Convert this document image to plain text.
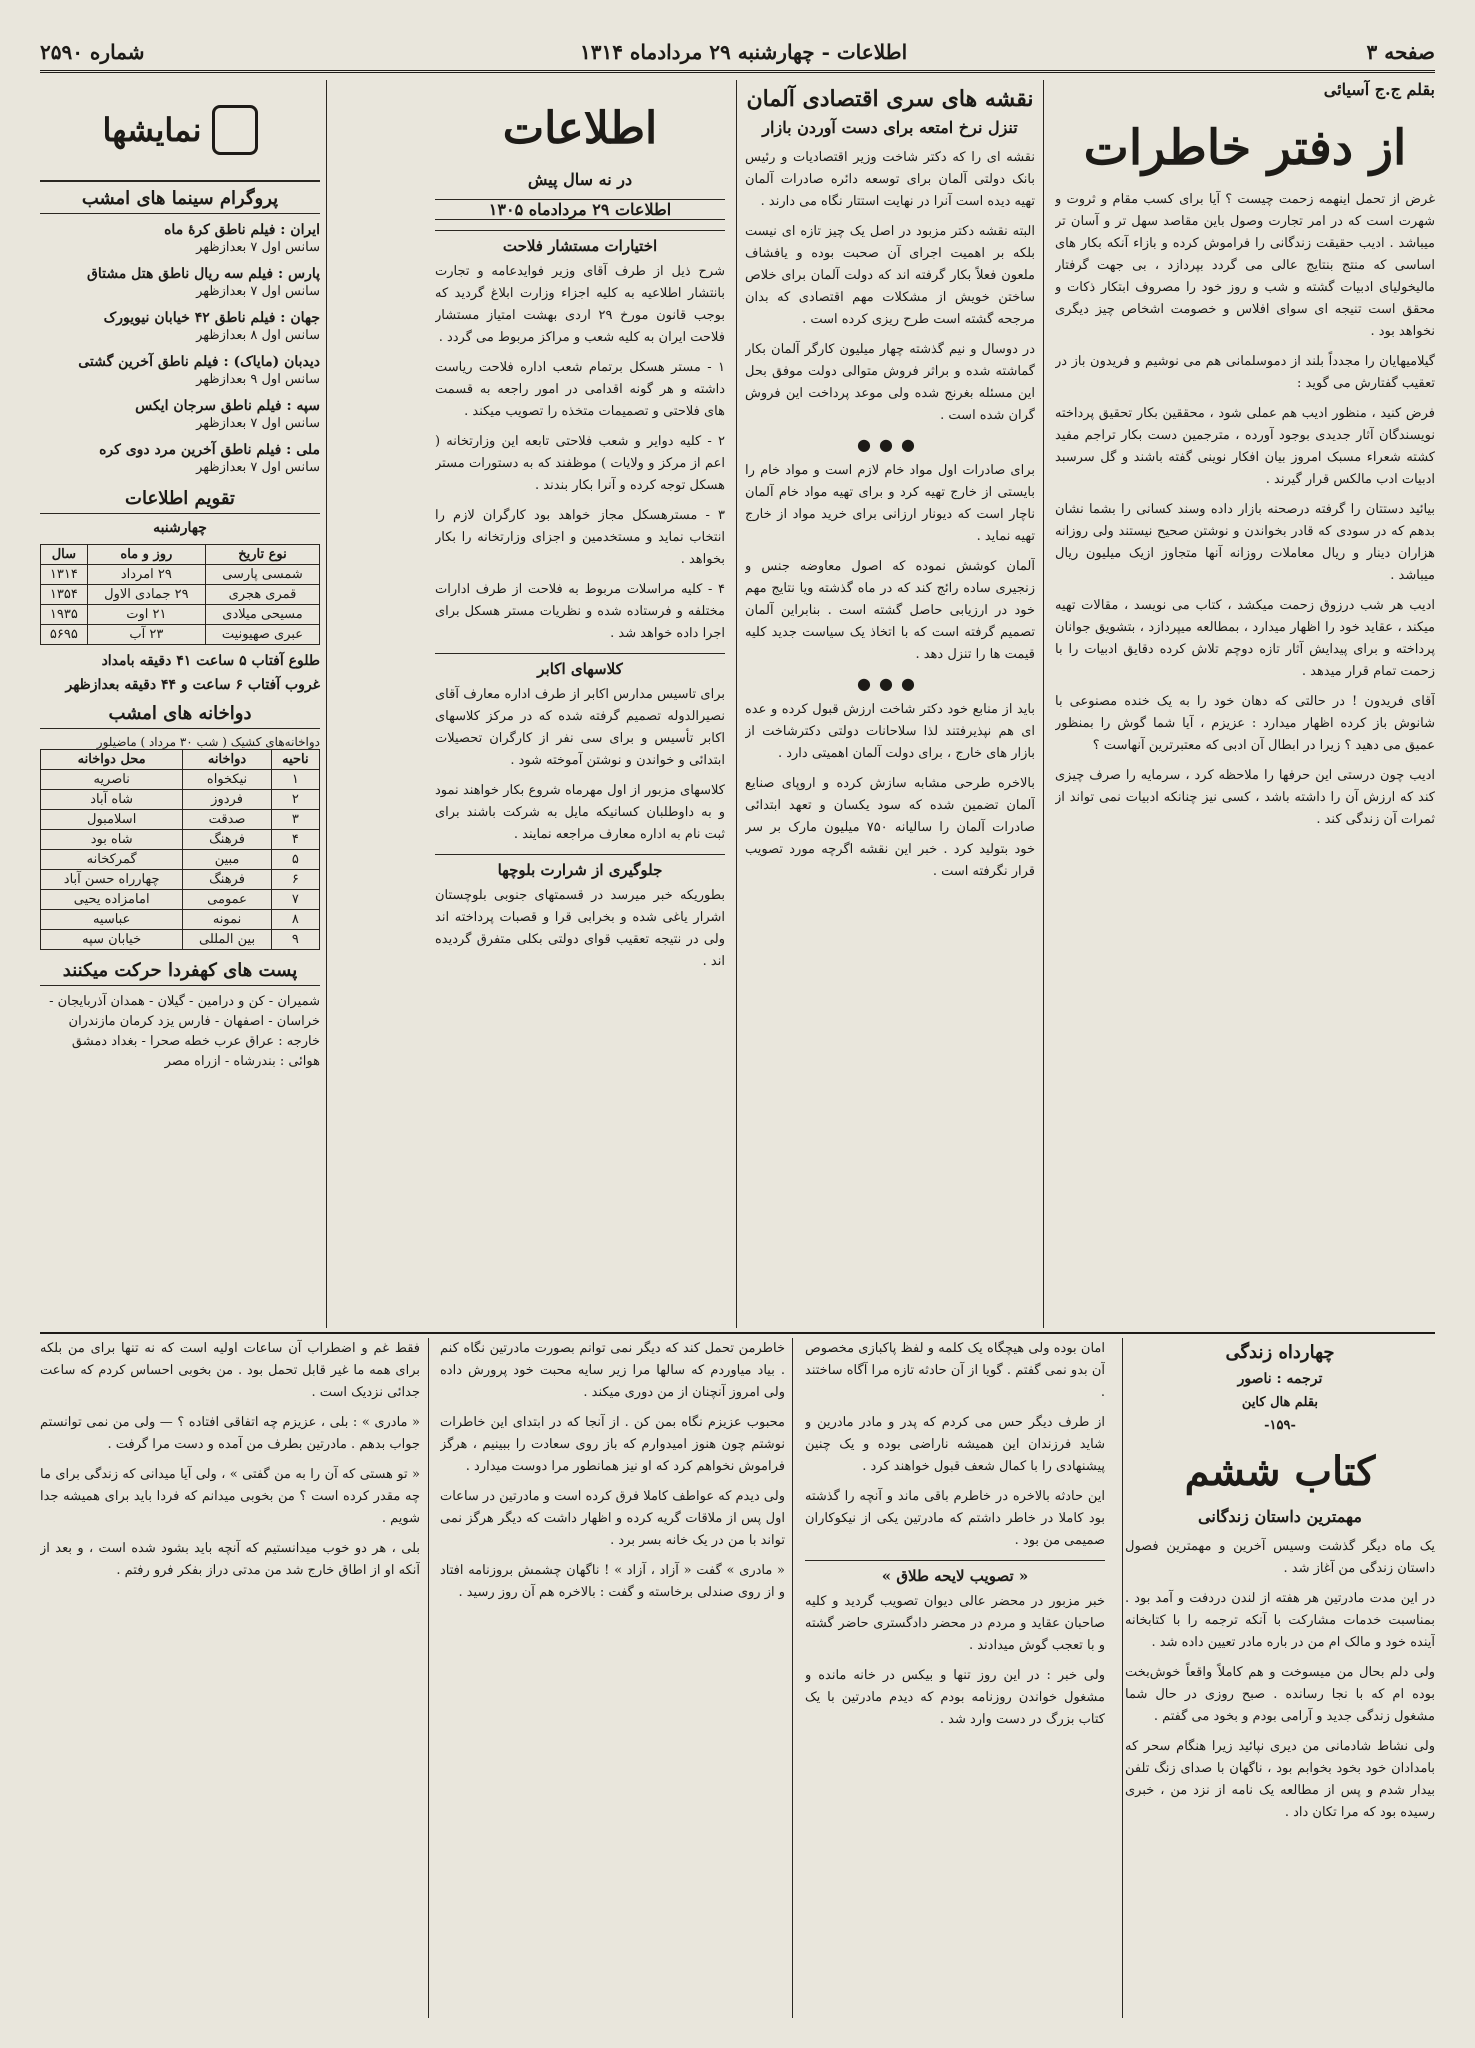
صفحه ۳
اطلاعات - چهارشنبه ۲۹ مردادماه ۱۳۱۴
شماره ۲۵۹۰
بقلم ج.ج آسیائی
از دفتر خاطرات

غرض از تحمل اینهمه زحمت چیست ؟ آیا برای کسب مقام و ثروت و شهرت است که در امر تجارت وصول باین مقاصد سهل تر و آسان تر میباشد . ادیب حقیقت زندگانی را فراموش کرده و بازاء آنکه بکار های اساسی که منتج بنتایج عالی می گردد بپردازد ، بی جهت گرفتار مالیخولیای ادبیات گشته و شب و روز خود را مصروف ابتکار ذکات و محقق است تنیجه ای سوای افلاس و خصومت اشخاص چیز دیگری نخواهد بود .

گیلامیهایان را مجدداً بلند از دموسلمانی هم می نوشیم و فریدون باز در تعقیب گفتارش می گوید :

فرض کنید ، منظور ادیب هم عملی شود ، محققین بکار تحقیق پرداخته نویسندگان آثار جدیدی بوجود آورده ، مترجمین دست بکار تراجم مفید کشته شعراء مسبک امروز بیان افکار نوینی گفته باشند و گل سرسبد ادبیات ادب مالکس قرار گیرند .

بیائید دستتان را گرفته درصحنه بازار داده وسند کسانی را بشما نشان بدهم که در سودی که قادر بخواندن و نوشتن صحیح نیستند ولی روزانه هزاران دینار و ریال معاملات روزانه آنها متجاوز ازیک میلیون ریال میباشد .

ادیب هر شب درزوق زحمت میکشد ، کتاب می نویسد ، مقالات تهیه میکند ، عقاید خود را اظهار میدارد ، بمطالعه میپردازد ، بتشویق جوانان پرداخته و برای پیدایش آثار تازه دوچم تلاش کرده دقایق ادبیات را با زحمت تمام قرار میدهد .

آقای فریدون ! در حالتی که دهان خود را به یک خنده مصنوعی با شانوش باز کرده اظهار میدارد : عزیزم ، آیا شما گوش را بمنظور عمیق می دهید ؟ زیرا در ابطال آن ادبی که معتبرترین آنهاست ؟

ادیب چون درستی این حرفها را ملاحظه کرد ، سرمایه را صرف چیزی کند که ارزش آن را داشته باشد ، کسی نیز چنانکه ادبیات نمی تواند از ثمرات آن زندگی کند .

نقشه های سری اقتصادی آلمان
تنزل نرخ امتعه برای دست آوردن بازار

نقشه ای را که دکتر شاخت وزیر اقتصادیات و رئیس بانک دولتی آلمان برای توسعه دائره صادرات آلمان تهیه دیده است آنرا در نهایت استتار نگاه می دارند .

البته نقشه دکتر مزبود در اصل یک چیز تازه ای نیست بلکه بر اهمیت اجرای آن صحبت بوده و یافشاف ملعون فعلاً بکار گرفته اند که دولت آلمان برای خلاص ساختن خویش از مشکلات مهم اقتصادی که بدان مرجحه گشته است طرح ریزی کرده است .

در دوسال و نیم گذشته چهار میلیون کارگر آلمان بکار گماشته شده و براثر فروش متوالی دولت موفق بحل این مسئله بغرنج شده ولی موعد پرداخت این فروش گران شده است .

●●●

برای صادرات اول مواد خام لازم است و مواد خام را بایستی از خارج تهیه کرد و برای تهیه مواد خام آلمان ناچار است که دیونار ارزانی برای خرید مواد از خارج تهیه نماید .

آلمان کوشش نموده که اصول معاوضه جنس و زنجیری ساده رائج کند که در ماه گذشته ویا نتایج مهم خود در ارزیابی حاصل گشته است . بنابراین آلمان تصمیم گرفته است که با اتخاذ یک سیاست جدید کلیه قیمت ها را تنزل دهد .

●●●

باید از منابع خود دکتر شاخت ارزش قبول کرده و عده ای هم نپذیرفتند لذا سلاحانات دولتی دکترشاخت از بازار های خارج ، برای دولت آلمان اهمیتی دارد .

بالاخره طرحی مشابه سازش کرده و اروپای صنایع آلمان تضمین شده که سود یکسان و تعهد ابتدائی صادرات آلمان را سالیانه ۷۵۰ میلیون مارک بر سر خود بتولید کرد . خبر این نقشه اگرچه مورد تصویب قرار نگرفته است .

اطلاعات
در نه سال پیش
اطلاعات ۲۹ مردادماه ۱۳۰۵
اختیارات مستشار فلاحت

شرح ذیل از طرف آقای وزیر فوایدعامه و تجارت بانتشار اطلاعیه به کلیه اجزاء وزارت ابلاغ گردید که بوجب قانون مورخ ۲۹ اردی بهشت امتیاز مستشار فلاحت ایران به کلیه شعب و مراکز مربوط می گردد .

۱ - مستر هسکل برتمام شعب اداره فلاحت ریاست داشته و هر گونه اقدامی در امور راجعه به قسمت های فلاحتی و تصمیمات متخذه را تصویب میکند .

۲ - کلیه دوایر و شعب فلاحتی تابعه این وزارتخانه ( اعم از مرکز و ولایات ) موظفند که به دستورات مستر هسکل توجه کرده و آنرا بکار بندند .

۳ - مسترهسکل مجاز خواهد بود کارگران لازم را انتخاب نماید و مستخدمین و اجزای وزارتخانه را بکار بخواهد .

۴ - کلیه مراسلات مربوط به فلاحت از طرف ادارات مختلفه و فرستاده شده و نظریات مستر هسکل برای اجرا داده خواهد شد .

کلاسهای اکابر

برای تاسیس مدارس اکابر از طرف اداره معارف آقای نصیرالدوله تصمیم گرفته شده که در مرکز کلاسهای اکابر تأسیس و برای سی نفر از کارگران تحصیلات ابتدائی و خواندن و نوشتن آموخته شود .

کلاسهای مزبور از اول مهرماه شروع بکار خواهند نمود و به داوطلبان کسانیکه مایل به شرکت باشند برای ثبت نام به اداره معارف مراجعه نمایند .

جلوگیری از شرارت بلوچها

بطوریکه خبر میرسد در قسمتهای جنوبی بلوچستان اشرار یاغی شده و بخرابی قرا و قصبات پرداخته اند ولی در نتیجه تعقیب قوای دولتی بکلی متفرق گردیده اند .

نمایشها
پروگرام سینما های امشب
ایران : فیلم ناطق کرهٔ ماه
سانس اول ۷ بعدازظهر
پارس : فیلم سه ریال ناطق هتل مشتاق
سانس اول ۷ بعدازظهر
جهان : فیلم ناطق ۴۲ خیابان نیویورک
سانس اول ۸ بعدازظهر
دیدبان (مایاک) : فیلم ناطق آخرین گشتی
سانس اول ۹ بعدازظهر
سپه : فیلم ناطق سرجان ایکس
سانس اول ۷ بعدازظهر
ملی : فیلم ناطق آخرین مرد دوی کره
سانس اول ۷ بعدازظهر
تقویم اطلاعات
چهارشنبه
نوع تاریخ	روز و ماه	سال
شمسی پارسی	۲۹ امرداد	۱۳۱۴
قمری هجری	۲۹ جمادی الاول	۱۳۵۴
مسیحی میلادی	۲۱ اوت	۱۹۳۵
عبری صهیونیت	۲۳ آب	۵۶۹۵
طلوع آفتاب ۵ ساعت ۴۱ دقیقه بامداد
غروب آفتاب ۶ ساعت و ۴۴ دقیقه بعدازظهر
دواخانه های امشب
دواخانه‌های کشیک ( شب ۳۰ مرداد ) ماضیلور
ناحیه	دواخانه	محل دواخانه
۱	نیکخواه	ناصریه
۲	فردوز	شاه آباد
۳	صدقت	اسلامبول
۴	فرهنگ	شاه بود
۵	مبین	گمرکخانه
۶	فرهنگ	چهارراه حسن آباد
۷	عمومی	امامزاده یحیی
۸	نمونه	عباسیه
۹	بین المللی	خیابان سپه
پست های کهفردا حرکت میکنند
شمیران - کن و درامین - گیلان - همدان آذربایجان - خراسان - اصفهان - فارس یزد کرمان مازندران
خارجه : عراق عرب خطه صحرا - بغداد دمشق هوائی : بندرشاه - ازراه مصر
چهارداه زندگی
ترجمه : ناصور
بقلم هال کاین
-۱۵۹-
کتاب ششم
مهمترین داستان زندگانی

یک ماه دیگر گذشت وسیس آخرین و مهمترین فصول داستان زندگی من آغاز شد .

در این مدت مادرتین هر هفته از لندن دردفت و آمد بود . بمناسبت خدمات مشارکت با آنکه ترجمه را با کتابخانه آینده خود و مالک ام من در باره مادر تعیین داده شد .

ولی دلم بحال من میسوخت و هم کاملاً واقعاً خوش‌بخت بوده ام که با نجا رسانده . صبح روزی در حال شما مشغول زندگی جدید و آرامی بودم و بخود می گفتم .

ولی نشاط شادمانی من دیری نپائید زیرا هنگام سحر که بامدادان خود بخود بخوابم بود ، ناگهان با صدای زنگ تلفن بیدار شدم و پس از مطالعه یک نامه از نزد من ، خبری رسیده بود که مرا تکان داد .

امان بوده ولی هیچگاه یک کلمه و لفظ پاکبازی مخصوص آن بدو نمی گفتم . گویا از آن حادثه تازه مرا آگاه ساختند .

از طرف دیگر حس می کردم که پدر و مادر مادرین و شاید فرزندان این همیشه ناراضی بوده و یک چنین پیشنهادی را با کمال شعف قبول خواهند کرد .

این حادثه بالاخره در خاطرم باقی ماند و آنچه را گذشته بود کاملا در خاطر داشتم که مادرتین یکی از نیکوکاران صمیمی من بود .

« تصویب لایحه طلاق »

خبر مزبور در محضر عالی دیوان تصویب گردید و کلیه صاحبان عقاید و مردم در محضر دادگستری حاضر گشته و با تعجب گوش میدادند .

ولی خبر : در این روز تنها و بیکس در خانه مانده و مشغول خواندن روزنامه بودم که دیدم مادرتین با یک کتاب بزرگ در دست وارد شد .

خاطرمن تحمل کند که دیگر نمی توانم بصورت مادرتین نگاه کنم . بیاد میاوردم که سالها مرا زیر سایه محبت خود پرورش داده ولی امروز آنچنان از من دوری میکند .

محبوب عزیزم نگاه بمن کن . از آنجا که در ابتدای این خاطرات نوشتم چون هنوز امیدوارم که باز روی سعادت را ببینیم ، هرگز فراموش نخواهم کرد که او نیز همانطور مرا دوست میدارد .

ولی دیدم که عواطف کاملا فرق کرده است و مادرتین در ساعات اول پس از ملاقات گریه کرده و اظهار داشت که دیگر هرگز نمی تواند با من در یک خانه بسر برد .

« مادری » گفت « آزاد ، آزاد » ! ناگهان چشمش بروزنامه افتاد و از روی صندلی برخاسته و گفت : بالاخره هم آن روز رسید .

فقط غم و اضطراب آن ساعات اولیه است که نه تنها برای من بلکه برای همه ما غیر قابل تحمل بود . من بخوبی احساس کردم که ساعت جدائی نزدیک است .

« مادری » : بلی ، عزیزم چه اتفاقی افتاده ؟ — ولی من نمی توانستم جواب بدهم . مادرتین بطرف من آمده و دست مرا گرفت .

« تو هستی که آن را به من گفتی » ، ولی آیا میدانی که زندگی برای ما چه مقدر کرده است ؟ من بخوبی میدانم که فردا باید برای همیشه جدا شویم .

بلی ، هر دو خوب میدانستیم که آنچه باید بشود شده است ، و بعد از آنکه او از اطاق خارج شد من مدتی دراز بفکر فرو رفتم .
